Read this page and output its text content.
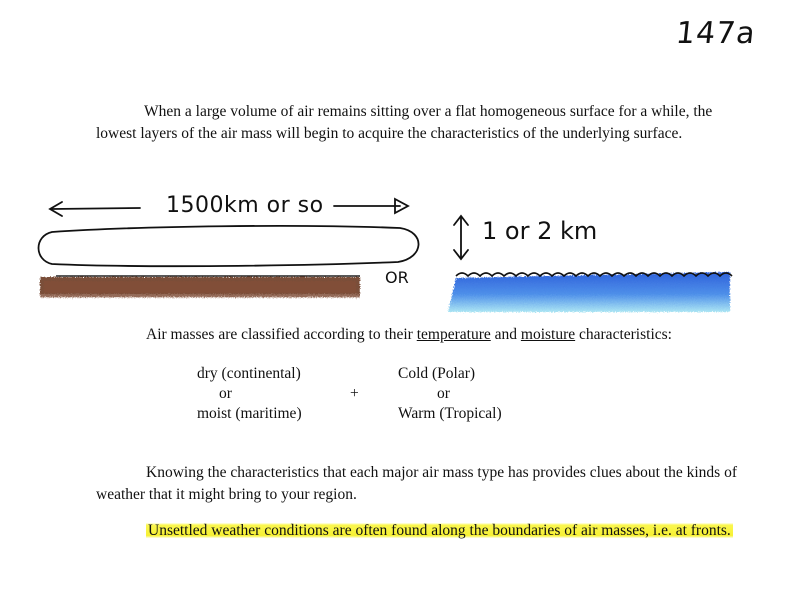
147a

When a large volume of air remains sitting over a flat homogeneous surface for a while, the lowest layers of the air mass will begin to acquire the characteristics of the underlying surface.

1500km or so
1 or 2 km
OR

Air masses are classified according to their temperature and moisture characteristics:

dry (continental)
or
moist (maritime)
+
Cold (Polar)
or
Warm (Tropical)

Knowing the characteristics that each major air mass type has provides clues about the kinds of weather that it might bring to your region.

Unsettled weather conditions are often found along the boundaries of air masses, i.e. at fronts.
